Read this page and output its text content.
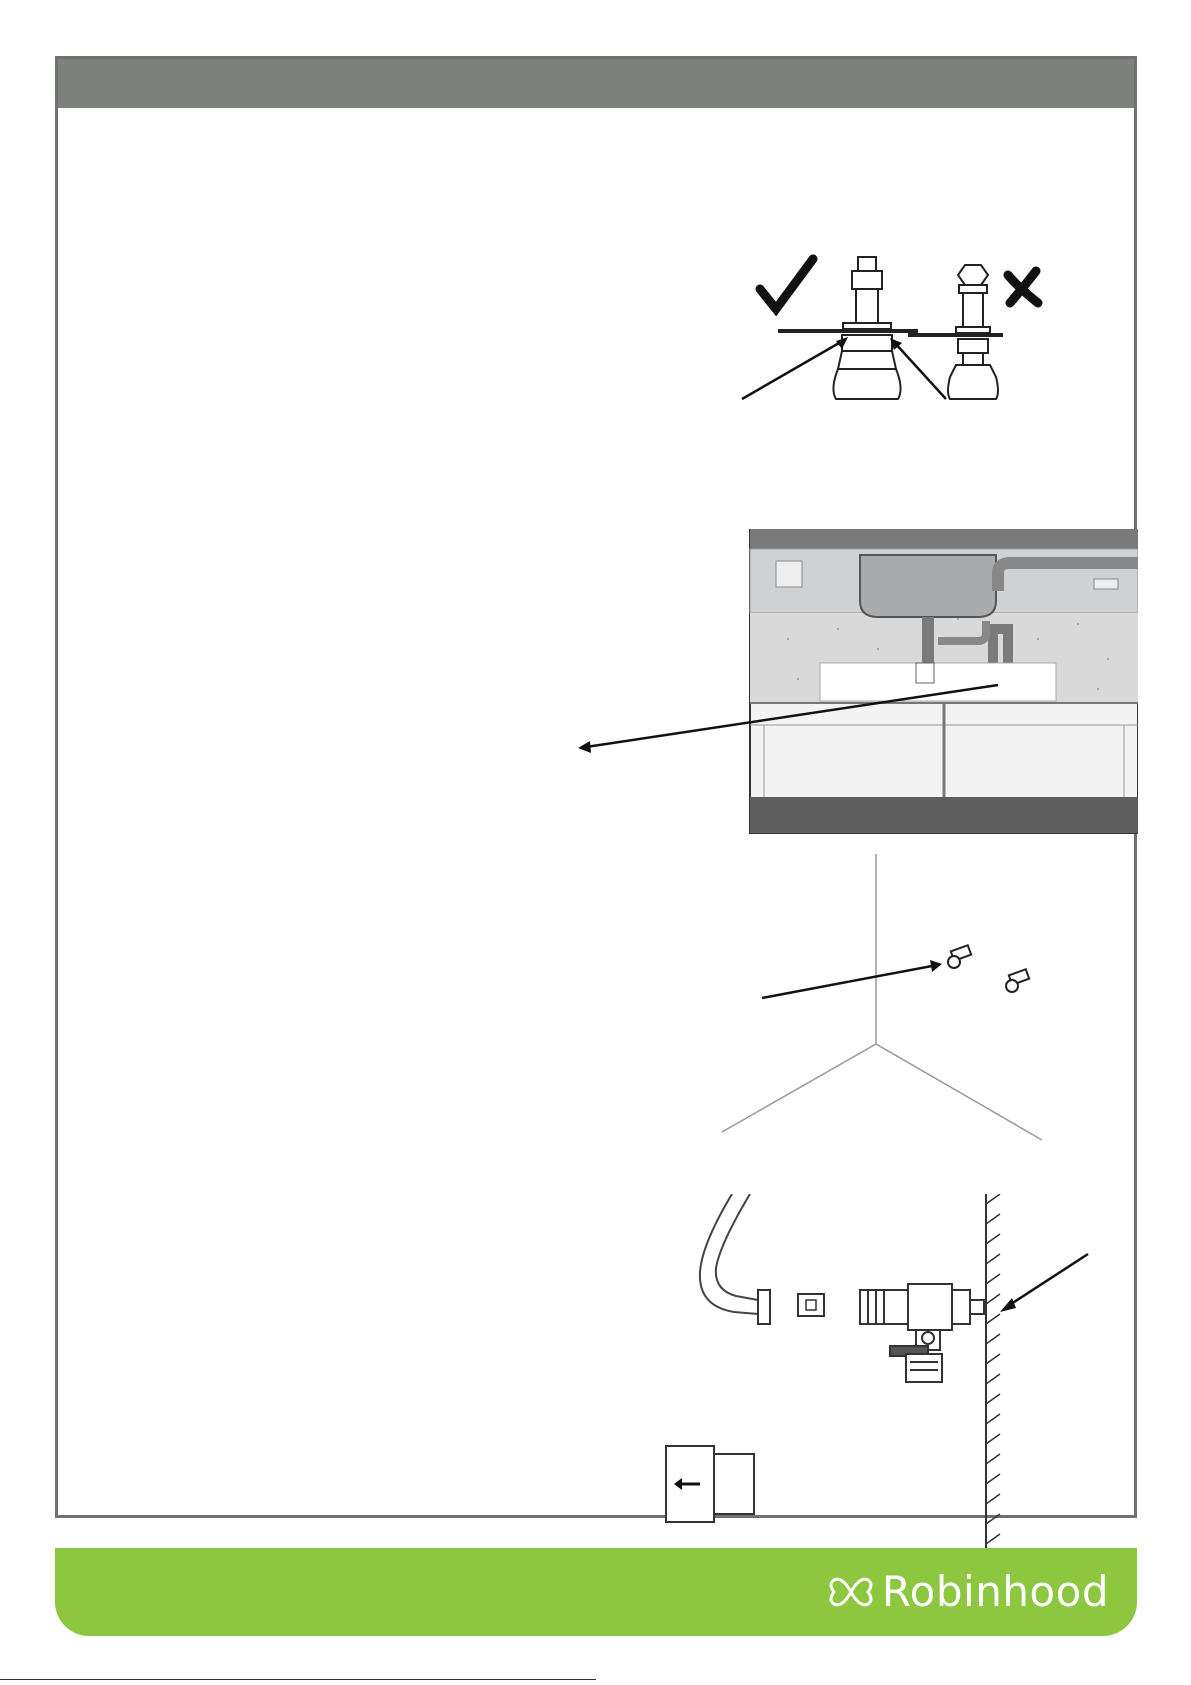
Robinhood
